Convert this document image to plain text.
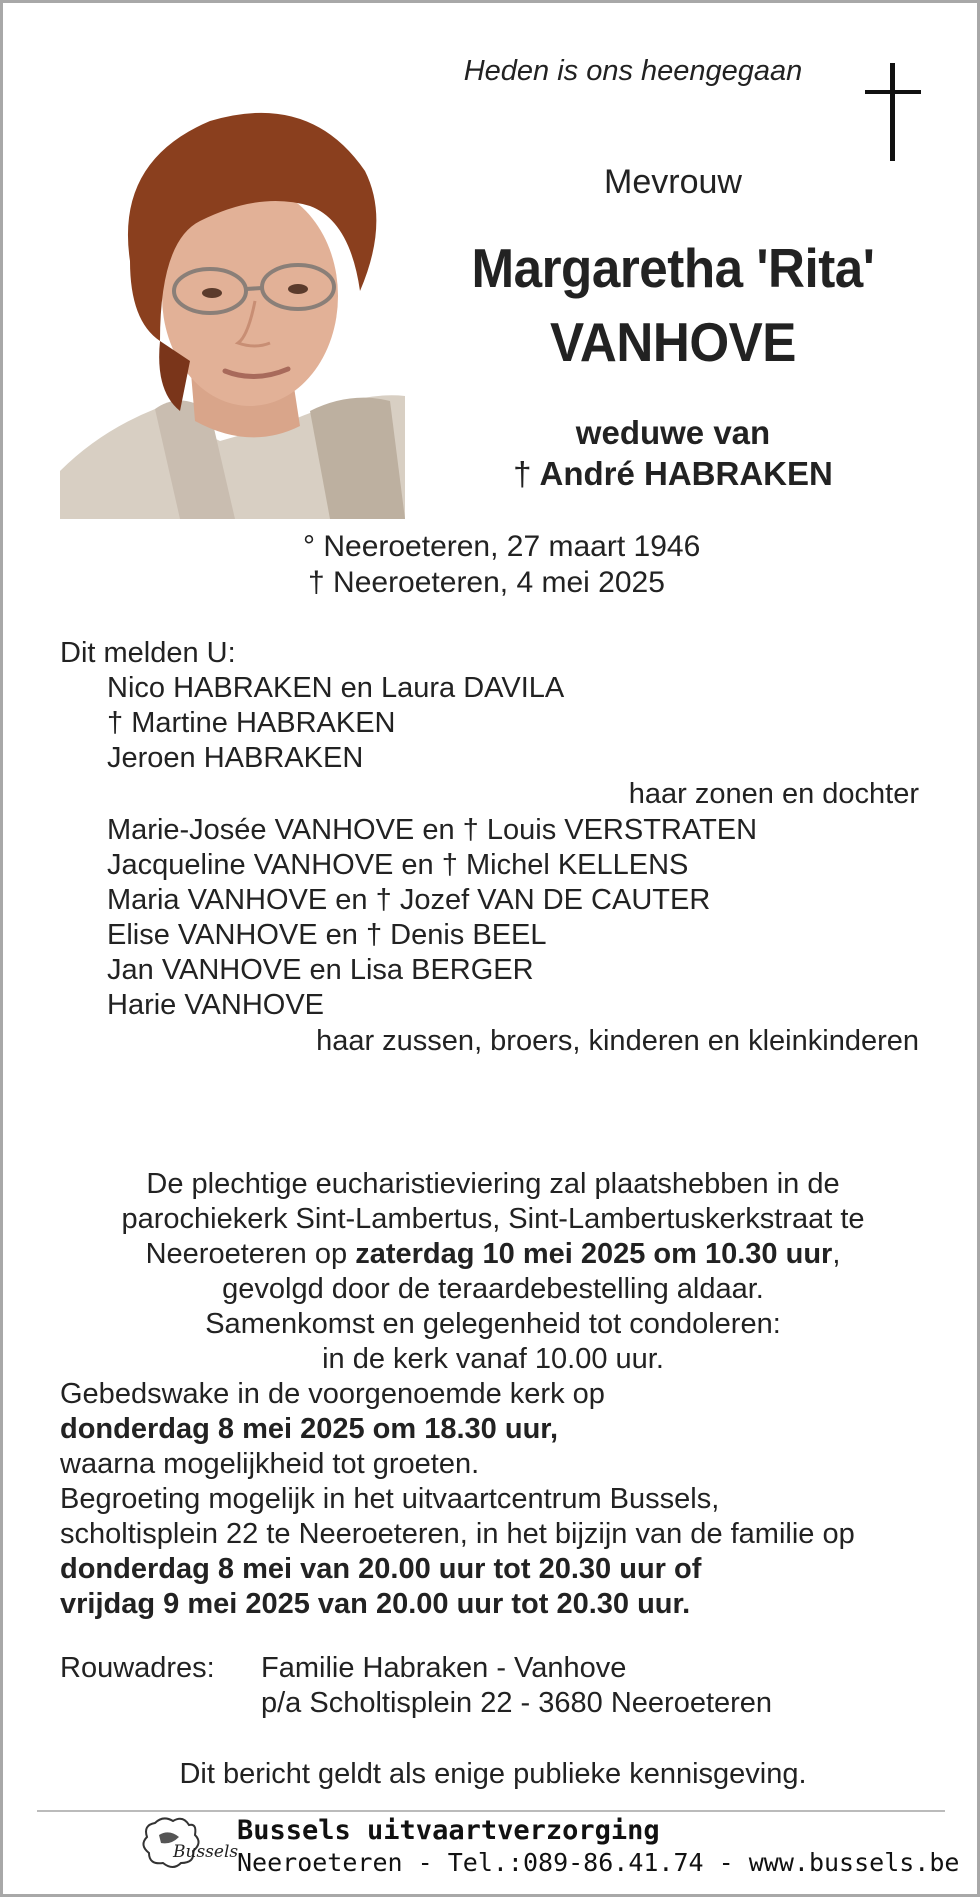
Heden is ons heengegaan
Mevrouw
Margaretha 'Rita'
VANHOVE
weduwe van
† André HABRAKEN
° Neeroeteren, 27 maart 1946
† Neeroeteren, 4 mei 2025
Dit melden U:
Nico HABRAKEN en Laura DAVILA
† Martine HABRAKEN
Jeroen HABRAKEN
haar zonen en dochter
Marie-Josée VANHOVE en † Louis VERSTRATEN
Jacqueline VANHOVE en † Michel KELLENS
Maria VANHOVE en † Jozef VAN DE CAUTER
Elise VANHOVE en † Denis BEEL
Jan VANHOVE en Lisa BERGER
Harie VANHOVE
haar zussen, broers, kinderen en kleinkinderen
De plechtige eucharistieviering zal plaatshebben in de
parochiekerk Sint-Lambertus, Sint-Lambertuskerkstraat te
Neeroeteren op zaterdag 10 mei 2025 om 10.30 uur,
gevolgd door de teraardebestelling aldaar.
Samenkomst en gelegenheid tot condoleren:
in de kerk vanaf 10.00 uur.
Gebedswake in de voorgenoemde kerk op
donderdag 8 mei 2025 om 18.30 uur,
waarna mogelijkheid tot groeten.
Begroeting mogelijk in het uitvaartcentrum Bussels,
scholtisplein 22 te Neeroeteren, in het bijzijn van de familie op
donderdag 8 mei van 20.00 uur tot 20.30 uur of
vrijdag 9 mei 2025 van 20.00 uur tot 20.30 uur.
Rouwadres: Familie Habraken - Vanhove
p/a Scholtisplein 22 - 3680 Neeroeteren
Dit bericht geldt als enige publieke kennisgeving.
Bussels
Bussels uitvaartverzorging
Neeroeteren - Tel.:089-86.41.74 - www.bussels.be
